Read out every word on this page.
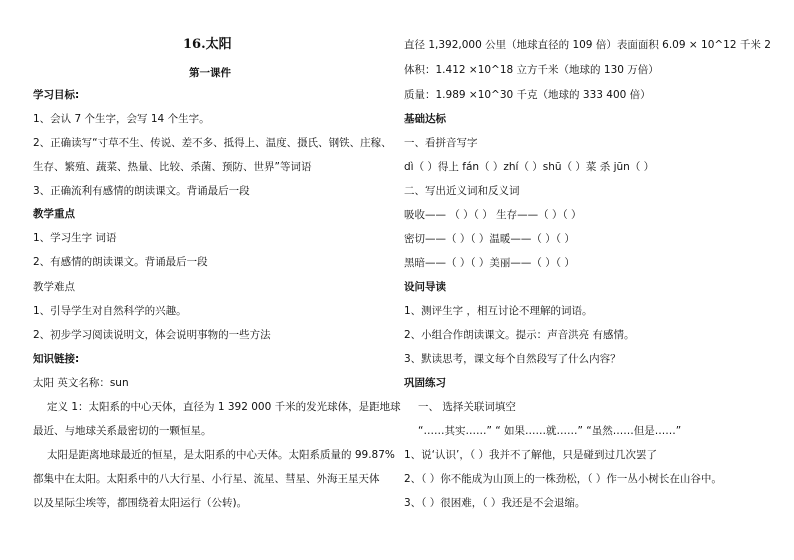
16.太阳
第一课件
学习目标:
1、会认 7 个生字，会写 14 个生字。
2、正确读写“寸草不生、传说、差不多、抵得上、温度、摄氏、钢铁、庄稼、
生存、繁殖、蔬菜、热量、比较、杀菌、预防、世界”等词语
3、正确流利有感情的朗读课文。背诵最后一段
教学重点
1、学习生字 词语
2、有感情的朗读课文。背诵最后一段
教学难点
1、引导学生对自然科学的兴趣。
2、初步学习阅读说明文，体会说明事物的一些方法
知识链接:
太阳 英文名称：sun
定义 1：太阳系的中心天体，直径为 1 392 000 千米的发光球体，是距地球
最近、与地球关系最密切的一颗恒星。
太阳是距离地球最近的恒星，是太阳系的中心天体。太阳系质量的 99.87%
都集中在太阳。太阳系中的八大行星、小行星、流星、彗星、外海王星天体
以及星际尘埃等，都围绕着太阳运行（公转)。
直径 1,392,000 公里（地球直径的 109 倍）表面面积 6.09 × 10^12 千米 2
体积：1.412 ×10^18 立方千米（地球的 130 万倍）
质量：1.989 ×10^30 千克（地球的 333 400 倍）
基础达标
一、看拼音写字
dì（ ）得上 fán（ ）zhí（ ）shū（ ）菜 杀 jūn（ ）
二、写出近义词和反义词
吸收—— （ ）（ ） 生存——（ ）（ ）
密切——（ ）（ ）温暖——（ ）（ ）
黑暗——（ ）（ ）美丽——（ ）（ ）
设问导读
1、测评生字 ，相互讨论不理解的词语。
2、小组合作朗读课文。提示：声音洪亮 有感情。
3、默读思考，课文每个自然段写了什么内容？
巩固练习
一、 选择关联词填空
“……其实……” “ 如果……就……” “虽然……但是……”
1、说‘认识’，（ ）我并不了解他，只是碰到过几次罢了
2、（ ）你不能成为山顶上的一株劲松，（ ）作一丛小树长在山谷中。
3、（ ）很困难，（ ）我还是不会退缩。
